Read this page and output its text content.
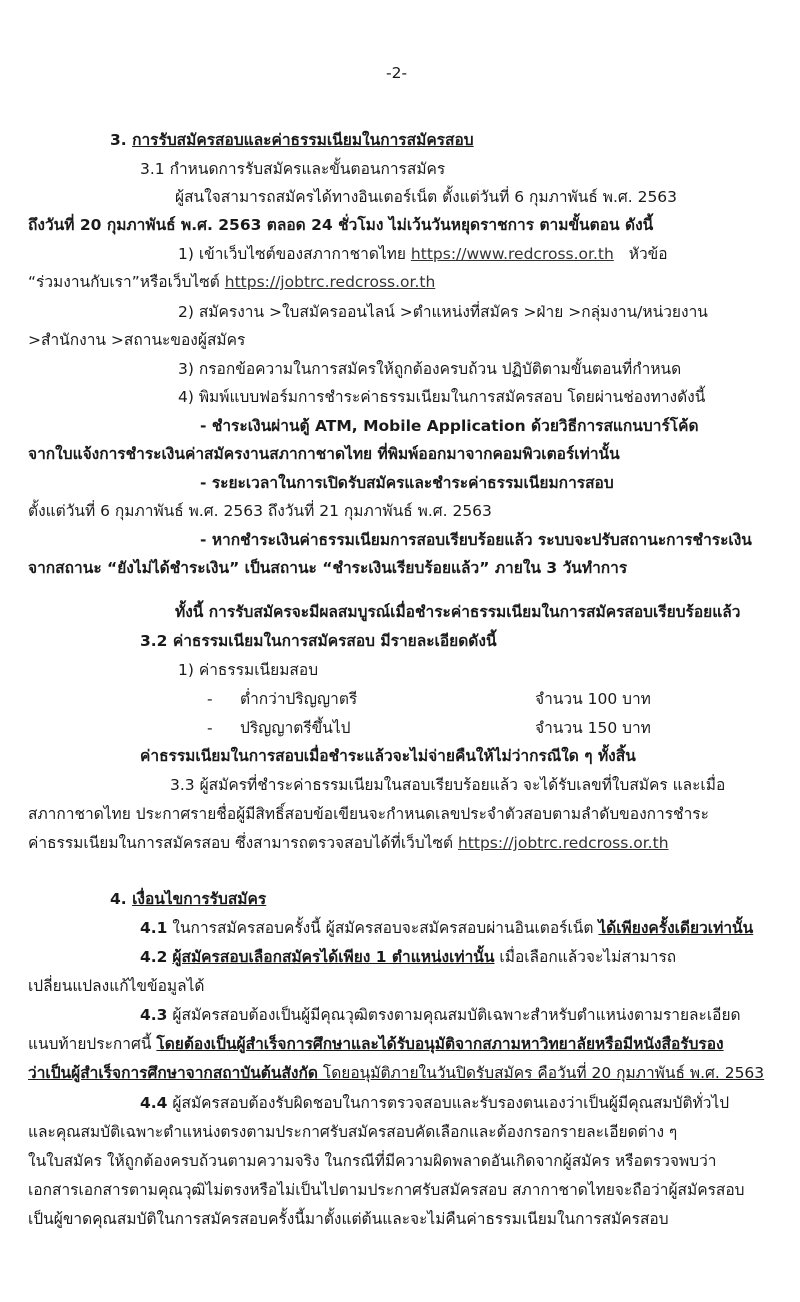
-2-
3. การรับสมัครสอบและค่าธรรมเนียมในการสมัครสอบ
3.1 กำหนดการรับสมัครและขั้นตอนการสมัคร
ผู้สนใจสามารถสมัครได้ทางอินเตอร์เน็ต ตั้งแต่วันที่ 6 กุมภาพันธ์ พ.ศ. 2563
ถึงวันที่ 20 กุมภาพันธ์ พ.ศ. 2563 ตลอด 24 ชั่วโมง ไม่เว้นวันหยุดราชการ ตามขั้นตอน ดังนี้
1) เข้าเว็บไซต์ของสภากาชาดไทย https://www.redcross.or.th หัวข้อ
“ร่วมงานกับเรา”หรือเว็บไซต์ https://jobtrc.redcross.or.th
2) สมัครงาน >ใบสมัครออนไลน์ >ตำแหน่งที่สมัคร >ฝ่าย >กลุ่มงาน/หน่วยงาน
>สำนักงาน >สถานะของผู้สมัคร
3) กรอกข้อความในการสมัครให้ถูกต้องครบถ้วน ปฏิบัติตามขั้นตอนที่กำหนด
4) พิมพ์แบบฟอร์มการชำระค่าธรรมเนียมในการสมัครสอบ โดยผ่านช่องทางดังนี้
- ชำระเงินผ่านตู้ ATM, Mobile Application ด้วยวิธีการสแกนบาร์โค้ด
จากใบแจ้งการชำระเงินค่าสมัครงานสภากาชาดไทย ที่พิมพ์ออกมาจากคอมพิวเตอร์เท่านั้น
- ระยะเวลาในการเปิดรับสมัครและชำระค่าธรรมเนียมการสอบ
ตั้งแต่วันที่ 6 กุมภาพันธ์ พ.ศ. 2563 ถึงวันที่ 21 กุมภาพันธ์ พ.ศ. 2563
- หากชำระเงินค่าธรรมเนียมการสอบเรียบร้อยแล้ว ระบบจะปรับสถานะการชำระเงิน
จากสถานะ “ยังไม่ได้ชำระเงิน” เป็นสถานะ “ชำระเงินเรียบร้อยแล้ว” ภายใน 3 วันทำการ
ทั้งนี้ การรับสมัครจะมีผลสมบูรณ์เมื่อชำระค่าธรรมเนียมในการสมัครสอบเรียบร้อยแล้ว
3.2 ค่าธรรมเนียมในการสมัครสอบ มีรายละเอียดดังนี้
1) ค่าธรรมเนียมสอบ
- ต่ำกว่าปริญญาตรี	จำนวน 100 บาท
- ปริญญาตรีขึ้นไป	จำนวน 150 บาท
ค่าธรรมเนียมในการสอบเมื่อชำระแล้วจะไม่จ่ายคืนให้ไม่ว่ากรณีใด ๆ ทั้งสิ้น
3.3 ผู้สมัครที่ชำระค่าธรรมเนียมในสอบเรียบร้อยแล้ว จะได้รับเลขที่ใบสมัคร และเมื่อ
สภากาชาดไทย ประกาศรายชื่อผู้มีสิทธิ์สอบข้อเขียนจะกำหนดเลขประจำตัวสอบตามลำดับของการชำระ
ค่าธรรมเนียมในการสมัครสอบ ซึ่งสามารถตรวจสอบได้ที่เว็บไซต์ https://jobtrc.redcross.or.th
4. เงื่อนไขการรับสมัคร
4.1 ในการสมัครสอบครั้งนี้ ผู้สมัครสอบจะสมัครสอบผ่านอินเตอร์เน็ต ได้เพียงครั้งเดียวเท่านั้น
4.2 ผู้สมัครสอบเลือกสมัครได้เพียง 1 ตำแหน่งเท่านั้น เมื่อเลือกแล้วจะไม่สามารถ
เปลี่ยนแปลงแก้ไขข้อมูลได้
4.3 ผู้สมัครสอบต้องเป็นผู้มีคุณวุฒิตรงตามคุณสมบัติเฉพาะสำหรับตำแหน่งตามรายละเอียด
แนบท้ายประกาศนี้ โดยต้องเป็นผู้สำเร็จการศึกษาและได้รับอนุมัติจากสภามหาวิทยาลัยหรือมีหนังสือรับรอง
ว่าเป็นผู้สำเร็จการศึกษาจากสถาบันต้นสังกัด โดยอนุมัติภายในวันปิดรับสมัคร คือวันที่ 20 กุมภาพันธ์ พ.ศ. 2563
4.4 ผู้สมัครสอบต้องรับผิดชอบในการตรวจสอบและรับรองตนเองว่าเป็นผู้มีคุณสมบัติทั่วไป
และคุณสมบัติเฉพาะตำแหน่งตรงตามประกาศรับสมัครสอบคัดเลือกและต้องกรอกรายละเอียดต่าง ๆ
ในใบสมัคร ให้ถูกต้องครบถ้วนตามความจริง ในกรณีที่มีความผิดพลาดอันเกิดจากผู้สมัคร หรือตรวจพบว่า
เอกสารเอกสารตามคุณวุฒิไม่ตรงหรือไม่เป็นไปตามประกาศรับสมัครสอบ สภากาชาดไทยจะถือว่าผู้สมัครสอบ
เป็นผู้ขาดคุณสมบัติในการสมัครสอบครั้งนี้มาตั้งแต่ต้นและจะไม่คืนค่าธรรมเนียมในการสมัครสอบ
